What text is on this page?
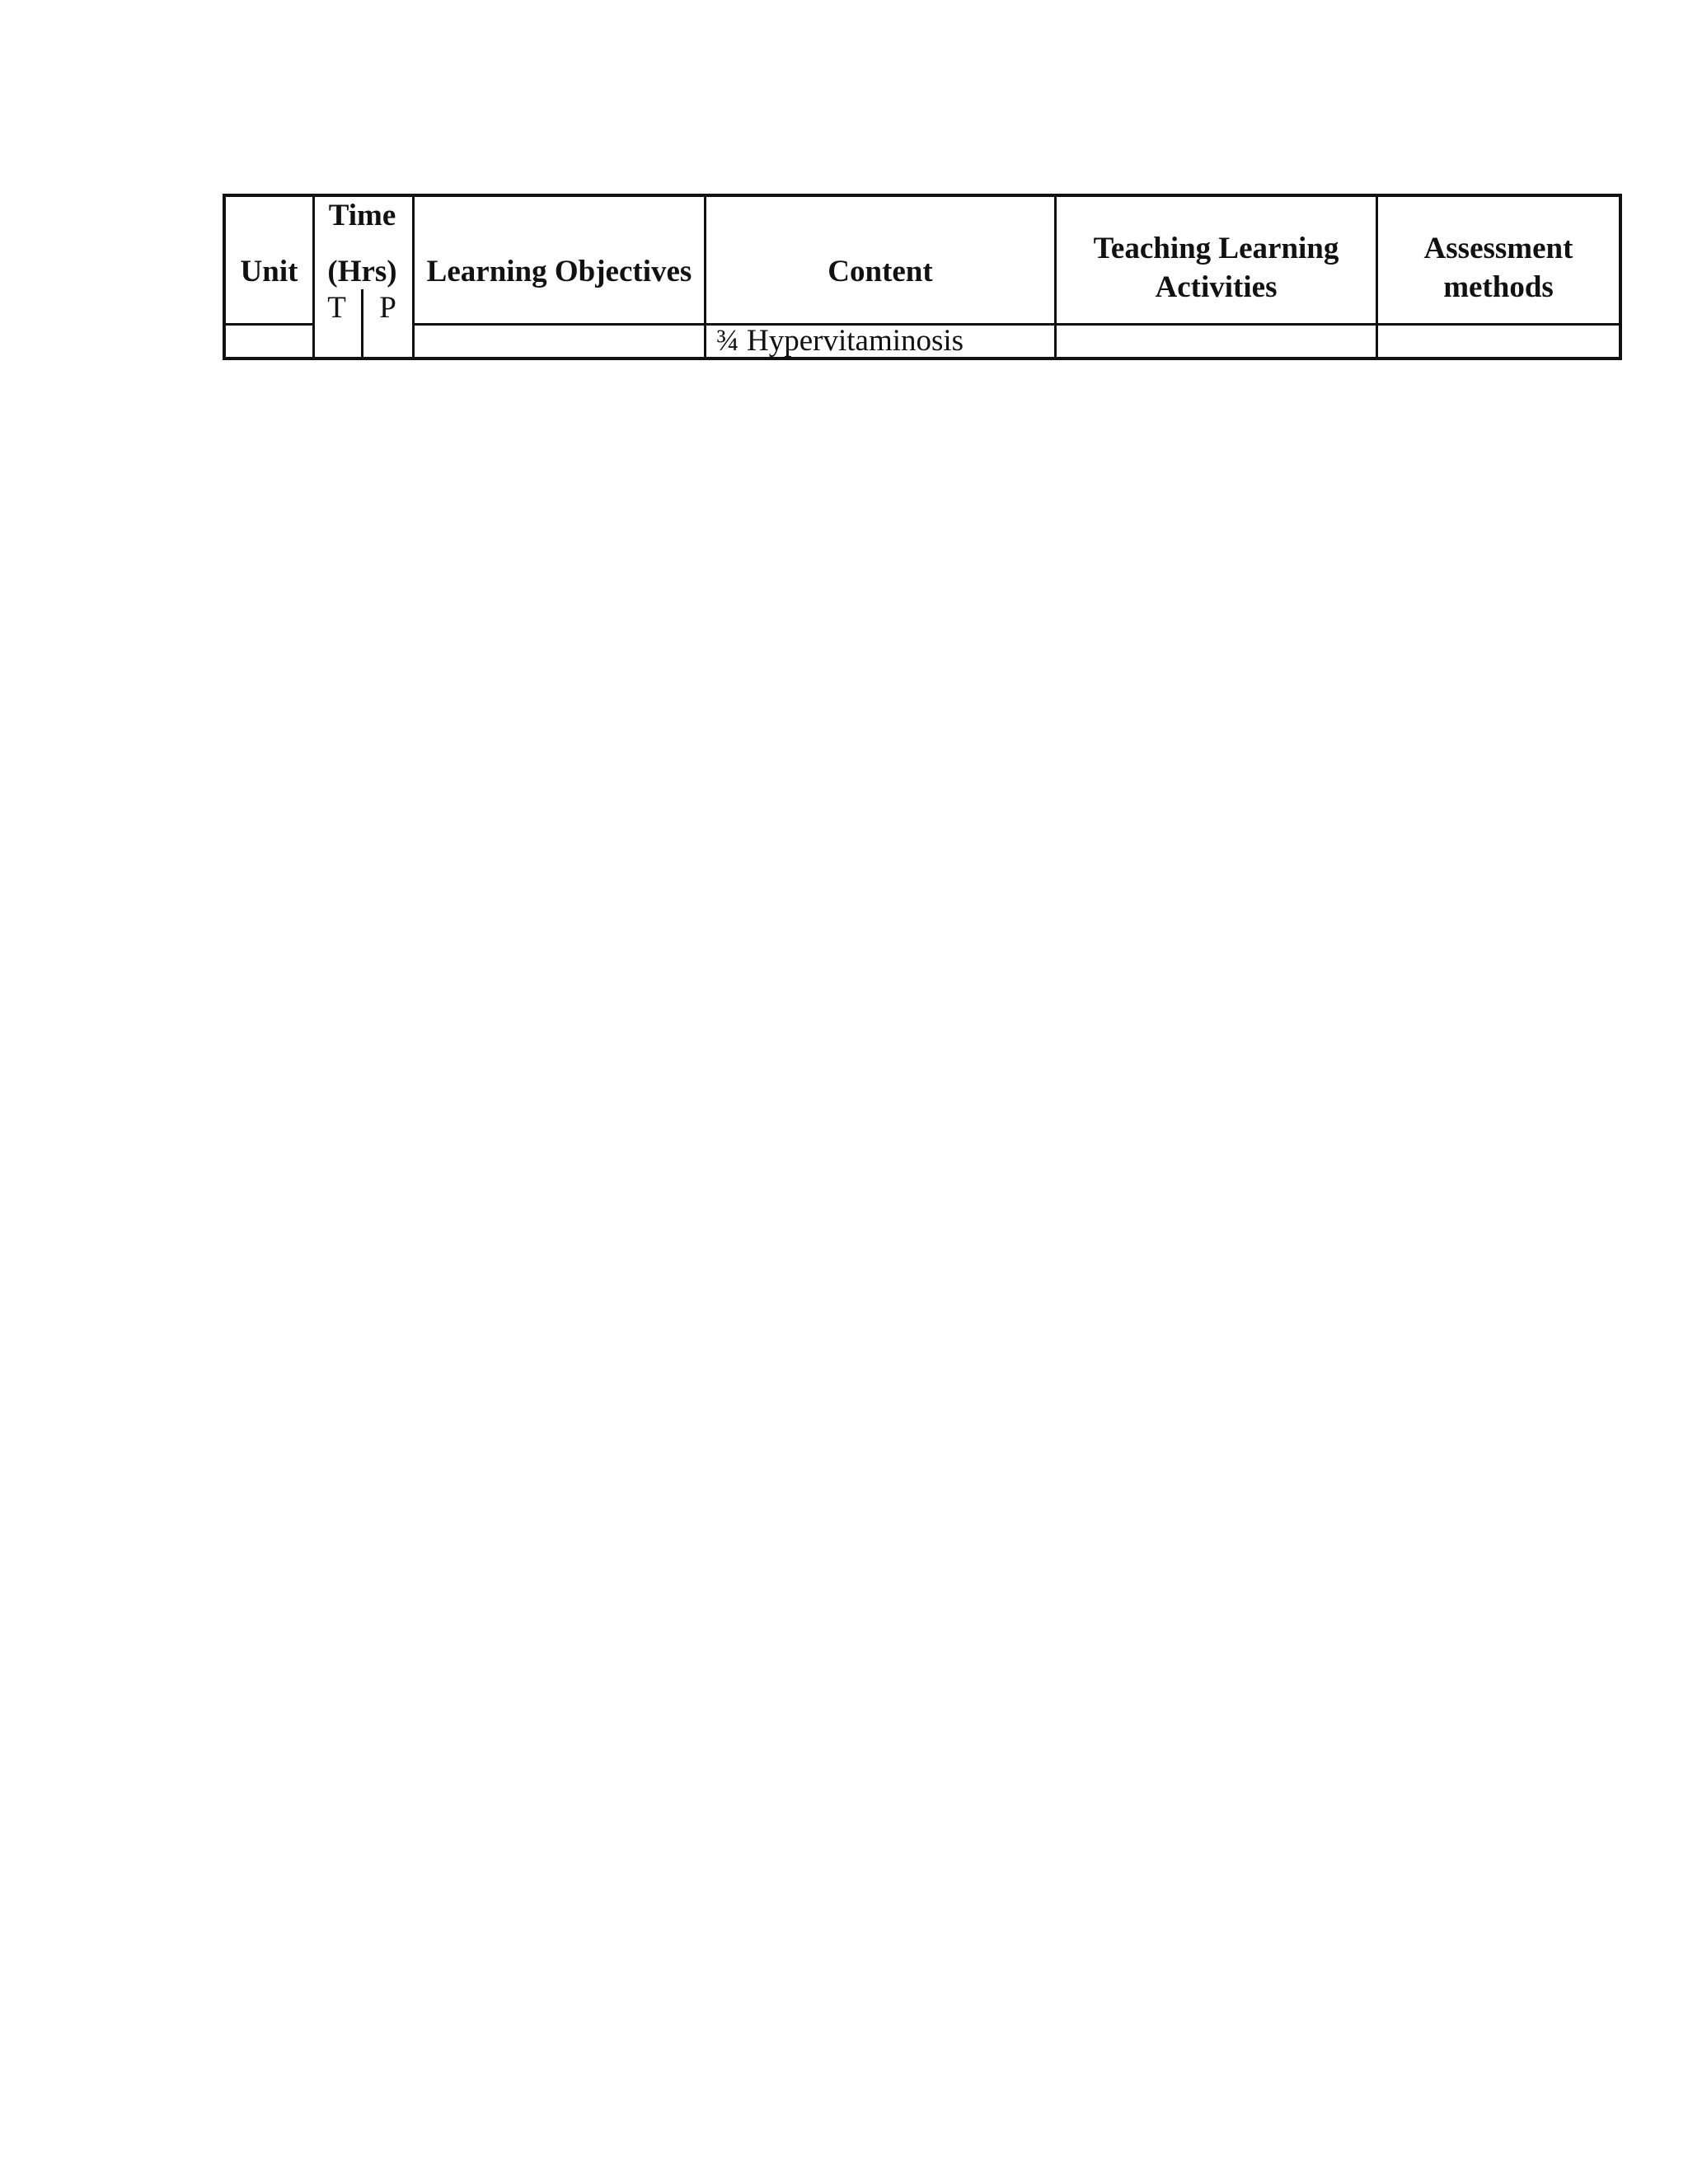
Unit
Time
(Hrs)
T	P
Learning Objectives	Content
Teaching Learning
Activities
Assessment
methods
¾ Hypervitaminosis
